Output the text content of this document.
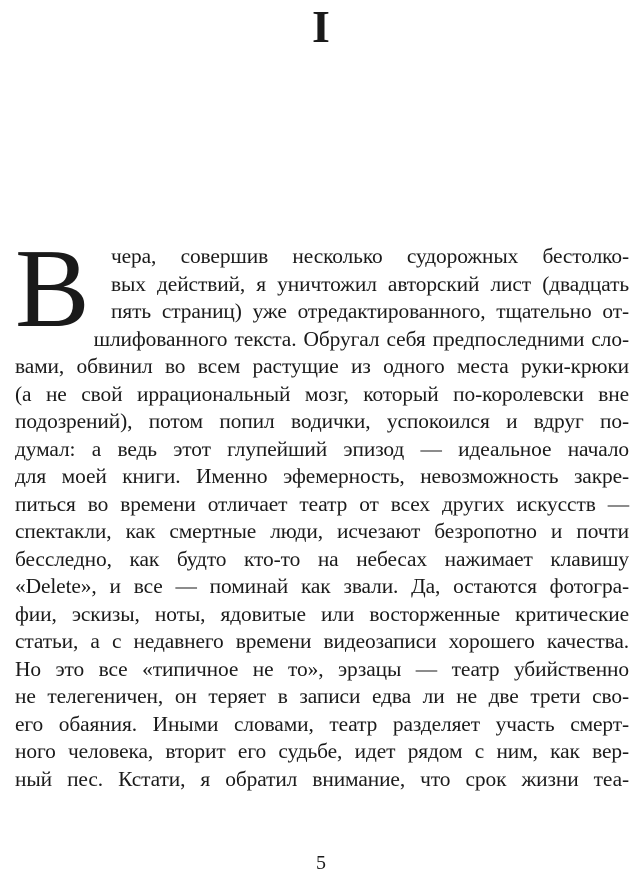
I
В чера, совершив несколько судорожных бестолко-
вых действий, я уничтожил авторский лист (двадцать
пять страниц) уже отредактированного, тщательно от-
шлифованного текста. Обругал себя предпоследними сло-
вами, обвинил во всем растущие из одного места руки-крюки
(а не свой иррациональный мозг, который по-королевски вне
подозрений), потом попил водички, успокоился и вдруг по-
думал: а ведь этот глупейший эпизод — идеальное начало
для моей книги. Именно эфемерность, невозможность закре-
питься во времени отличает театр от всех других искусств —
спектакли, как смертные люди, исчезают безропотно и почти
бесследно, как будто кто-то на небесах нажимает клавишу
«Delete», и все — поминай как звали. Да, остаются фотогра-
фии, эскизы, ноты, ядовитые или восторженные критические
статьи, а с недавнего времени видеозаписи хорошего качества.
Но это все «типичное не то», эрзацы — театр убийственно
не телегеничен, он теряет в записи едва ли не две трети сво-
его обаяния. Иными словами, театр разделяет участь смерт-
ного человека, вторит его судьбе, идет рядом с ним, как вер-
ный пес. Кстати, я обратил внимание, что срок жизни теа-
5
